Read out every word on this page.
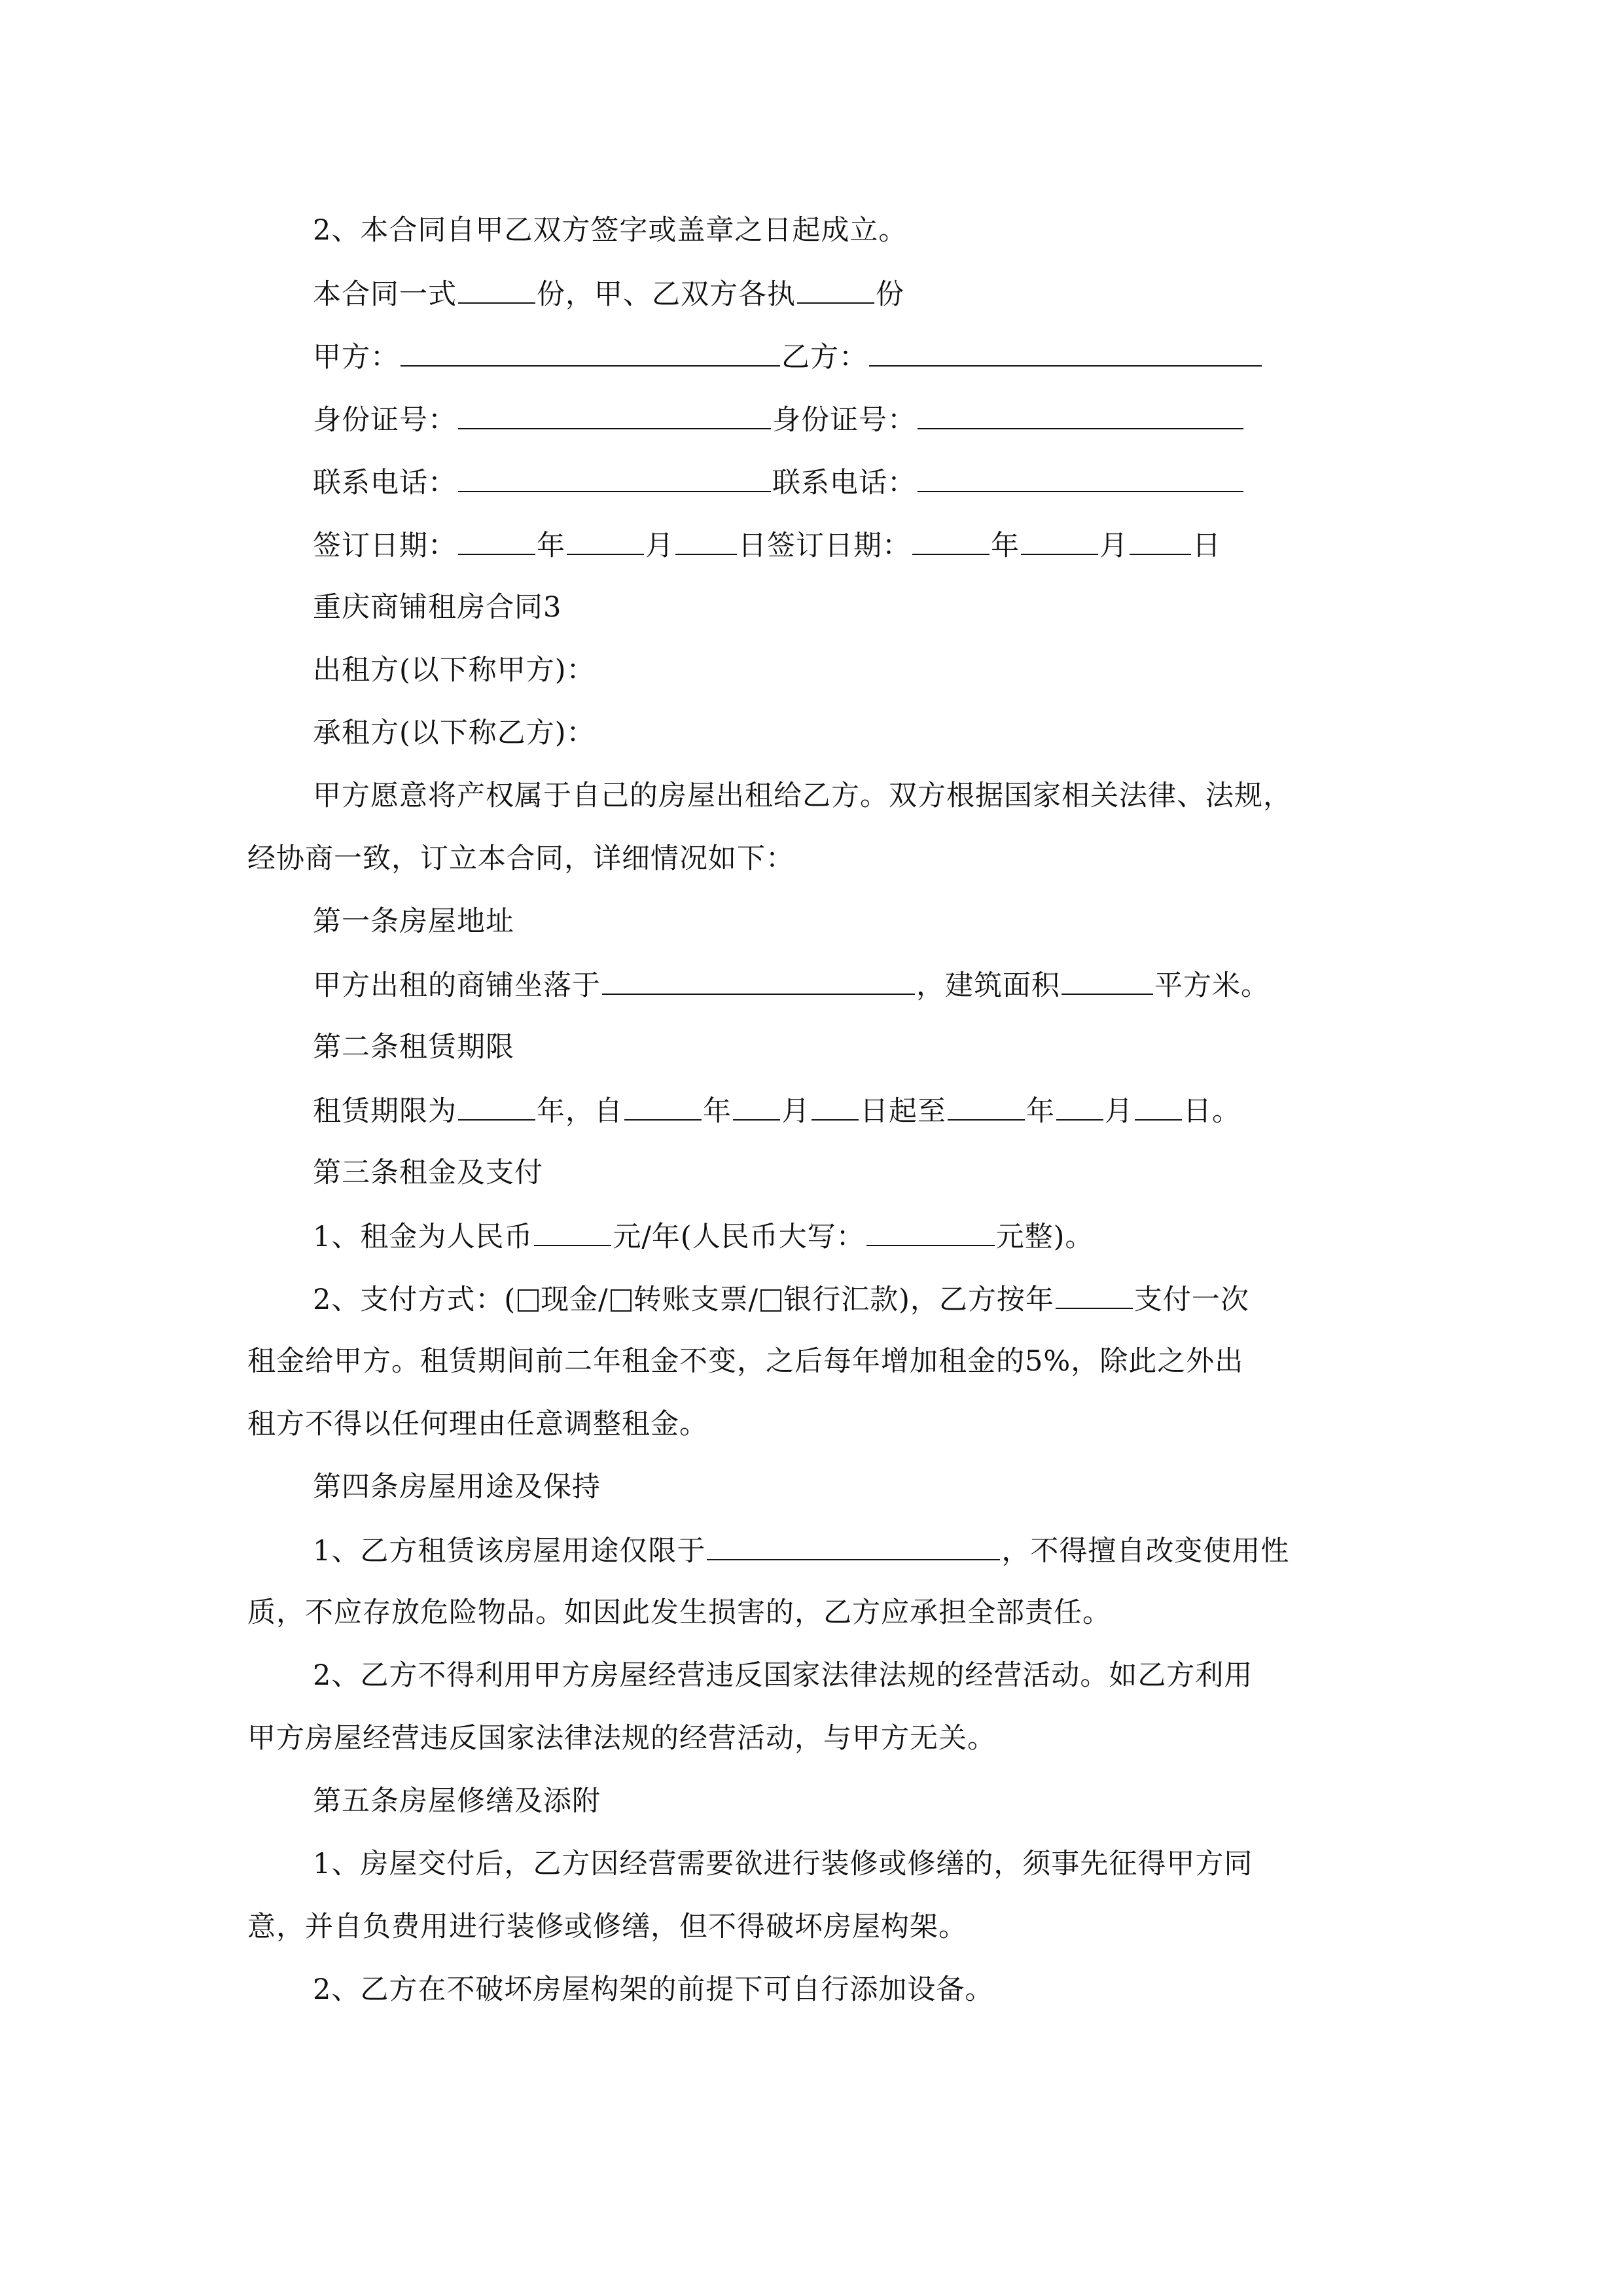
2、本合同自甲乙双方签字或盖章之日起成立。
本合同一式	份，甲、乙双方各执	份
甲方：	乙方：
身份证号：	身份证号：
联系电话：	联系电话：
签订日期：	年	月 日签订日期：	年	月 日
重庆商铺租房合同3
出租方(以下称甲方)：
承租方(以下称乙方)：
甲方愿意将产权属于自己的房屋出租给乙方。双方根据国家相关法律、法规，
经协商一致，订立本合同，详细情况如下：
第一条房屋地址
甲方出租的商铺坐落于	，建筑面积	平方米。
第二条租赁期限
租赁期限为	年，自	年 月 日起至	年 月 日。
第三条租金及支付
1、租金为人民币	元/年(人民币大写：	元整)。
2、支付方式：( 现金/ 转账支票/ 银行汇款)，乙方按年	支付一次
租金给甲方。租赁期间前二年租金不变，之后每年增加租金的5%，除此之外出
租方不得以任何理由任意调整租金。
第四条房屋用途及保持
1、乙方租赁该房屋用途仅限于	，不得擅自改变使用性
质，不应存放危险物品。如因此发生损害的，乙方应承担全部责任。
2、乙方不得利用甲方房屋经营违反国家法律法规的经营活动。如乙方利用
甲方房屋经营违反国家法律法规的经营活动，与甲方无关。
第五条房屋修缮及添附
1、房屋交付后，乙方因经营需要欲进行装修或修缮的，须事先征得甲方同
意，并自负费用进行装修或修缮，但不得破坏房屋构架。
2、乙方在不破坏房屋构架的前提下可自行添加设备。
